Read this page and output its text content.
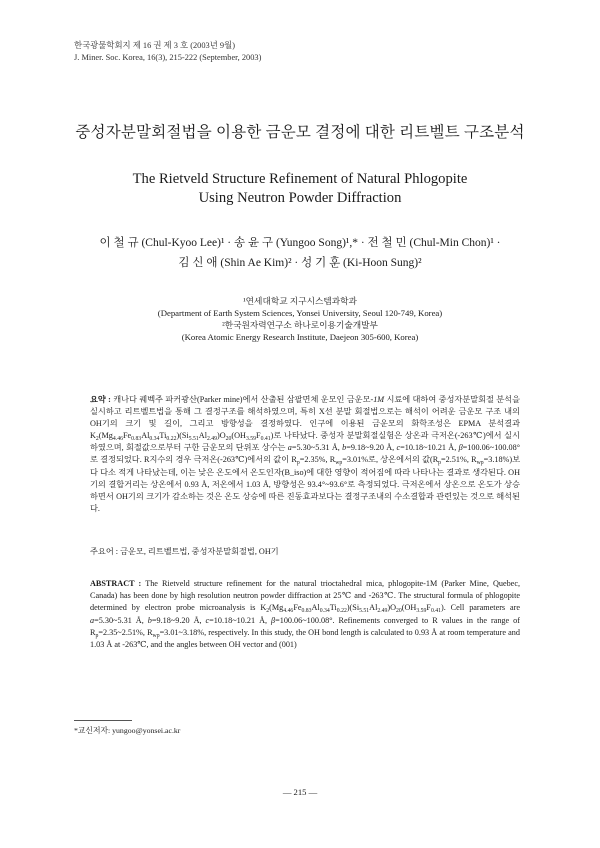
한국광물학회지 제 16 권 제 3 호 (2003년 9월)
J. Miner. Soc. Korea, 16(3), 215-222 (September, 2003)
중성자분말회절법을 이용한 금운모 결정에 대한 리트벨트 구조분석
The Rietveld Structure Refinement of Natural Phlogopite
Using Neutron Powder Diffraction
이 철 규 (Chul-Kyoo Lee)¹ · 송 윤 구 (Yungoo Song)¹,* · 전 철 민 (Chul-Min Chon)¹ ·
김 신 애 (Shin Ae Kim)² · 성 기 훈 (Ki-Hoon Sung)²
¹연세대학교 지구시스템과학과
(Department of Earth System Sciences, Yonsei University, Seoul 120-749, Korea)
²한국원자력연구소 하나로이용기술개발부
(Korea Atomic Energy Research Institute, Daejeon 305-600, Korea)
요약 : 캐나다 퀘벡주 파커광산(Parker mine)에서 산출된 삼팔면체 운모인 금운모-1M 시료에 대하여 중성자분말회절 분석을 실시하고 리트벨트법을 통해 그 결정구조를 해석하였으며, 특히 X선 분말 회절법으로는 해석이 어려운 금운모 구조 내의 OH기의 크기 및 길이, 그리고 방향성을 결정하였다. 인구에 이용된 금운모의 화학조성은 EPMA 분석결과 $K_2(Mg_{4.46}Fe_{0.83}Al_{0.34}Ti_{0.22})(Si_{5.51}Al_{2.49})O_{20}(OH_{3.59}F_{0.41})$로 나타났다. 중성자 분말회절실험은 상온과 극저온(-263℃)에서 실시하였으며, 회절값으로부터 구한 금운모의 단위포 상수는 a=5.30~5.31 Å, b=9.18~9.20 Å, c=10.18~10.21 Å, β=100.06~100.08°로 결정되었다. R지수의 경우 극저온(-263℃)에서의 값이 $R_p=2.35\%$, $R_{wp}=3.01\%$로, 상온에서의 값($R_p=2.51\%$, $R_{wp}=3.18\%$)보다 다소 적게 나타났는데, 이는 낮은 온도에서 온도인자(B_iso)에 대한 영향이 적어짐에 따라 나타나는 결과로 생각된다. OH기의 결합거리는 상온에서 0.93 Å, 저온에서 1.03 Å, 방향성은 93.4°~93.6°로 측정되었다. 극저온에서 상온으로 온도가 상승하면서 OH기의 크기가 감소하는 것은 온도 상승에 따른 진동효과보다는 결정구조내의 수소결합과 관련있는 것으로 해석된다.
주요어 : 금운모, 리트벨트법, 중성자분말회절법, OH기
ABSTRACT : The Rietveld structure refinement for the natural trioctahedral mica, phlogopite-1M (Parker Mine, Quebec, Canada) has been done by high resolution neutron powder diffraction at 25℃ and -263℃. The structural formula of phlogopite determined by electron probe microanalysis is $K_2(Mg_{4.46}Fe_{0.83}Al_{0.34}Ti_{0.22})(Si_{5.51}Al_{2.49})O_{20}(OH_{3.59}F_{0.41})$. Cell parameters are a=5.30~5.31 Å, b=9.18~9.20 Å, c=10.18~10.21 Å, β=100.06~100.08°. Refinements converged to R values in the range of $R_p=2.35\sim 2.51\%$, $R_{wp}=3.01\sim 3.18\%$, respectively. In this study, the OH bond length is calculated to 0.93 Å at room temperature and 1.03 Å at -263℃, and the angles between OH vector and (001)
*교신저자: yungoo@yonsei.ac.kr
— 215 —
